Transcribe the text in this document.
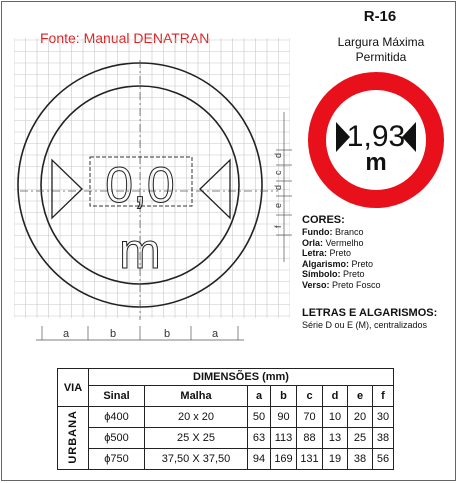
Fonte: Manual DENATRAN
0,0
m
a	b	b	a
d
c
d
e
f
R-16
Largura Máxima
Permitida
1,93
m
CORES:
Fundo: Branco
Orla: Vermelho
Letra: Preto
Algarismo: Preto
Símbolo: Preto
Verso: Preto Fosco
LETRAS E ALGARISMOS:
Série D ou E (M), centralizados
VIA	DIMENSÕES (mm)							
	Sinal	Malha	a	b	c	d	e	f
URBANA	ϕ400	20 x 20	50	90	70	10	20	30
	ϕ500	25 X 25	63	113	88	13	25	38
	ϕ750	37,50 X 37,50	94	169	131	19	38	56
